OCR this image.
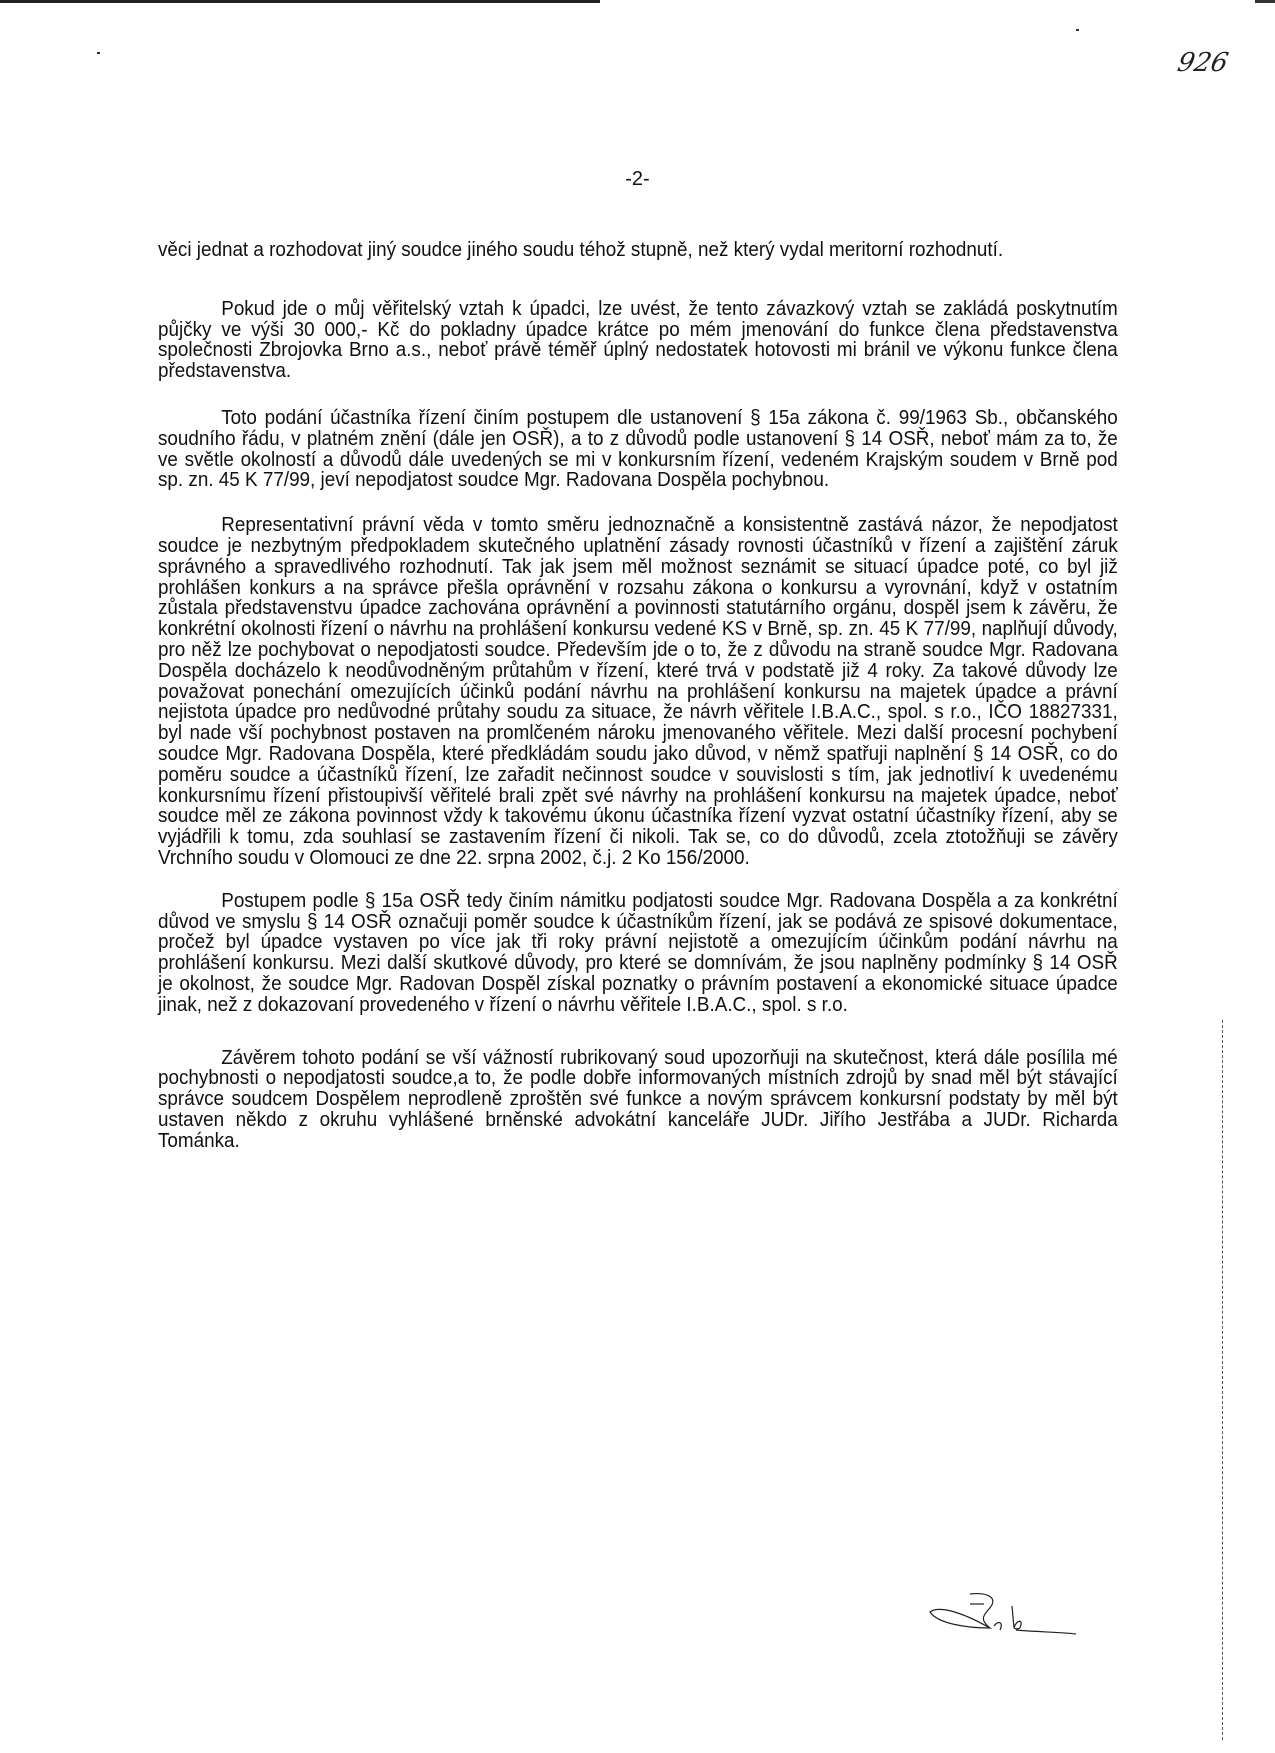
926
-2-

věci jednat a rozhodovat jiný soudce jiného soudu téhož stupně, než který vydal meritorní rozhodnutí.

Pokud jde o můj věřitelský vztah k úpadci, lze uvést, že tento závazkový vztah se zakládá poskytnutím půjčky ve výši 30 000,- Kč do pokladny úpadce krátce po mém jmenování do funkce člena představenstva společnosti Zbrojovka Brno a.s., neboť právě téměř úplný nedostatek hotovosti mi bránil ve výkonu funkce člena představenstva.

Toto podání účastníka řízení činím postupem dle ustanovení § 15a zákona č. 99/1963 Sb., občanského soudního řádu, v platném znění (dále jen OSŘ), a to z důvodů podle ustanovení § 14 OSŘ, neboť mám za to, že ve světle okolností a důvodů dále uvedených se mi v konkursním řízení, vedeném Krajským soudem v Brně pod sp. zn. 45 K 77/99, jeví nepodjatost soudce Mgr. Radovana Dospěla pochybnou.

Representativní právní věda v tomto směru jednoznačně a konsistentně zastává názor, že nepodjatost soudce je nezbytným předpokladem skutečného uplatnění zásady rovnosti účastníků v řízení a zajištění záruk správného a spravedlivého rozhodnutí. Tak jak jsem měl možnost seznámit se situací úpadce poté, co byl již prohlášen konkurs a na správce přešla oprávnění v rozsahu zákona o konkursu a vyrovnání, když v ostatním zůstala představenstvu úpadce zachována oprávnění a povinnosti statutárního orgánu, dospěl jsem k závěru, že konkrétní okolnosti řízení o návrhu na prohlášení konkursu vedené KS v Brně, sp. zn. 45 K 77/99, naplňují důvody, pro něž lze pochybovat o nepodjatosti soudce. Především jde o to, že z důvodu na straně soudce Mgr. Radovana Dospěla docházelo k neodůvodněným průtahům v řízení, které trvá v podstatě již 4 roky. Za takové důvody lze považovat ponechání omezujících účinků podání návrhu na prohlášení konkursu na majetek úpadce a právní nejistota úpadce pro nedůvodné průtahy soudu za situace, že návrh věřitele I.B.A.C., spol. s r.o., IČO 18827331, byl nade vší pochybnost postaven na promlčeném nároku jmenovaného věřitele. Mezi další procesní pochybení soudce Mgr. Radovana Dospěla, které předkládám soudu jako důvod, v němž spatřuji naplnění § 14 OSŘ, co do poměru soudce a účastníků řízení, lze zařadit nečinnost soudce v souvislosti s tím, jak jednotliví k uvedenému konkursnímu řízení přistoupivší věřitelé brali zpět své návrhy na prohlášení konkursu na majetek úpadce, neboť soudce měl ze zákona povinnost vždy k takovému úkonu účastníka řízení vyzvat ostatní účastníky řízení, aby se vyjádřili k tomu, zda souhlasí se zastavením řízení či nikoli. Tak se, co do důvodů, zcela ztotožňuji se závěry Vrchního soudu v Olomouci ze dne 22. srpna 2002, č.j. 2 Ko 156/2000.

Postupem podle § 15a OSŘ tedy činím námitku podjatosti soudce Mgr. Radovana Dospěla a za konkrétní důvod ve smyslu § 14 OSŘ označuji poměr soudce k účastníkům řízení, jak se podává ze spisové dokumentace, pročež byl úpadce vystaven po více jak tři roky právní nejistotě a omezujícím účinkům podání návrhu na prohlášení konkursu. Mezi další skutkové důvody, pro které se domnívám, že jsou naplněny podmínky § 14 OSŘ je okolnost, že soudce Mgr. Radovan Dospěl získal poznatky o právním postavení a ekonomické situace úpadce jinak, než z dokazovaní provedeného v řízení o návrhu věřitele I.B.A.C., spol. s r.o.

Závěrem tohoto podání se vší vážností rubrikovaný soud upozorňuji na skutečnost, která dále posílila mé pochybnosti o nepodjatosti soudce,a to, že podle dobře informovaných místních zdrojů by snad měl být stávající správce soudcem Dospělem neprodleně zproštěn své funkce a novým správcem konkursní podstaty by měl být ustaven někdo z okruhu vyhlášené brněnské advokátní kanceláře JUDr. Jiřího Jestřába a JUDr. Richarda Tománka.
